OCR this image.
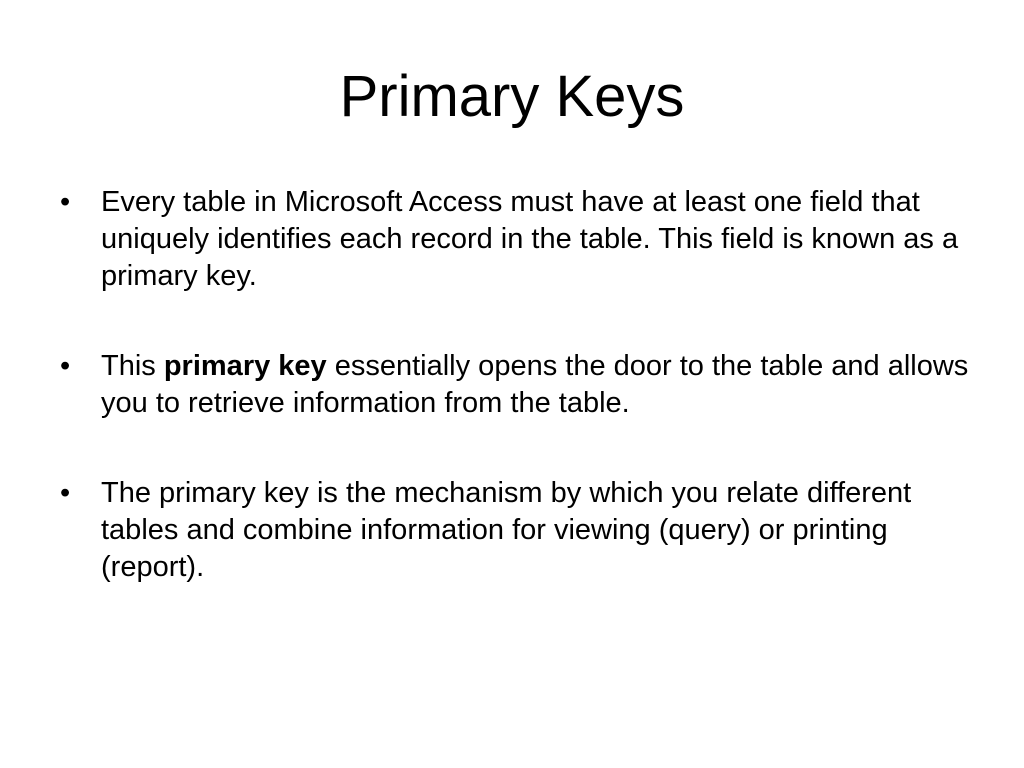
Primary Keys
• Every table in Microsoft Access must have at least one field that uniquely identifies each record in the table. This field is known as a primary key.
• This primary key essentially opens the door to the table and allows you to retrieve information from the table.
• The primary key is the mechanism by which you relate different tables and combine information for viewing (query) or printing (report).
